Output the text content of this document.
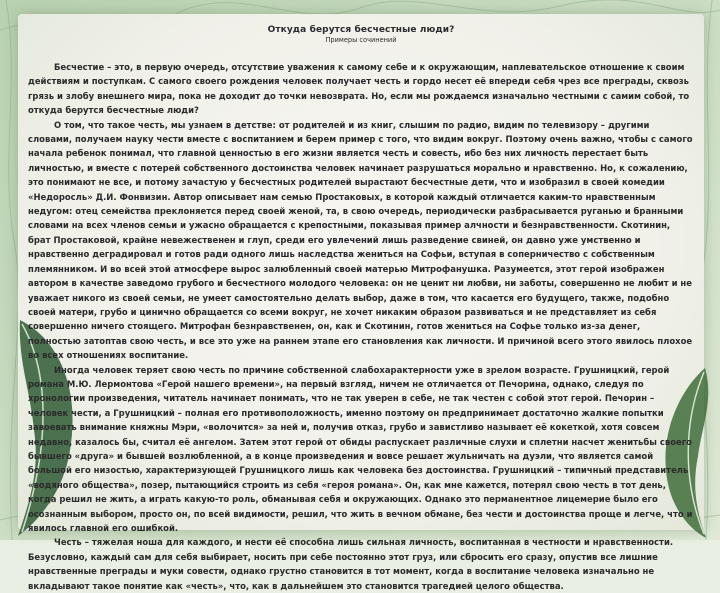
Откуда берутся бесчестные люди?
Примеры сочинений

Бесчестие – это, в первую очередь, отсутствие уважения к самому себе и к окружающим, наплевательское отношение к своим действиям и поступкам. С самого своего рождения человек получает честь и гордо несет её впереди себя чрез все преграды, сквозь грязь и злобу внешнего мира, пока не доходит до точки невозврата. Но, если мы рождаемся изначально честными с самим собой, то откуда берутся бесчестные люди?

О том, что такое честь, мы узнаем в детстве: от родителей и из книг, слышим по радио, видим по телевизору – другими словами, получаем науку чести вместе с воспитанием и берем пример с того, что видим вокруг. Поэтому очень важно, чтобы с самого начала ребенок понимал, что главной ценностью в его жизни является честь и совесть, ибо без них личность перестает быть личностью, и вместе с потерей собственного достоинства человек начинает разрушаться морально и нравственно. Но, к сожалению, это понимают не все, и потому зачастую у бесчестных родителей вырастают бесчестные дети, что и изобразил в своей комедии «Недоросль» Д.И. Фонвизин. Автор описывает нам семью Простаковых, в которой каждый отличается каким-то нравственным недугом: отец семейства преклоняется перед своей женой, та, в свою очередь, периодически разбрасывается руганью и бранными словами на всех членов семьи и ужасно обращается с крепостными, показывая пример алчности и безнравственности. Скотинин, брат Простаковой, крайне невежественен и глуп, среди его увлечений лишь разведение свиней, он давно уже умственно и нравственно деградировал и готов ради одного лишь наследства жениться на Софьи, вступая в соперничество с собственным племянником. И во всей этой атмосфере вырос залюбленный своей матерью Митрофанушка. Разумеется, этот герой изображен автором в качестве заведомо грубого и бесчестного молодого человека: он не ценит ни любви, ни заботы, совершенно не любит и не уважает никого из своей семьи, не умеет самостоятельно делать выбор, даже в том, что касается его будущего, также, подобно своей матери, грубо и цинично обращается со всеми вокруг, не хочет никаким образом развиваться и не представляет из себя совершенно ничего стоящего. Митрофан безнравственен, он, как и Скотинин, готов жениться на Софье только из-за денег, полностью затоптав свою честь, и все это уже на раннем этапе его становления как личности. И причиной всего этого явилось плохое во всех отношениях воспитание.

Иногда человек теряет свою честь по причине собственной слабохарактерности уже в зрелом возрасте. Грушницкий, герой романа М.Ю. Лермонтова «Герой нашего времени», на первый взгляд, ничем не отличается от Печорина, однако, следуя по хронологии произведения, читатель начинает понимать, что не так уверен в себе, не так честен с собой этот герой. Печорин – человек чести, а Грушницкий – полная его противоположность, именно поэтому он предпринимает достаточно жалкие попытки завоевать внимание княжны Мэри, «волочится» за ней и, получив отказ, грубо и завистливо называет её кокеткой, хотя совсем недавно, казалось бы, считал её ангелом. Затем этот герой от обиды распускает различные слухи и сплетни насчет женитьбы своего бывшего «друга» и бывшей возлюбленной, а в конце произведения и вовсе решает жульничать на дуэли, что является самой большой его низостью, характеризующей Грушницкого лишь как человека без достоинства. Грушницкий – типичный представитель «водяного общества», позер, пытающийся строить из себя «героя романа». Он, как мне кажется, потерял свою честь в тот день, когда решил не жить, а играть какую-то роль, обманывая себя и окружающих. Однако это перманентное лицемерие было его осознанным выбором, просто он, по всей видимости, решил, что жить в вечном обмане, без чести и достоинства проще и легче, что и явилось главной его ошибкой.

Честь – тяжелая ноша для каждого, и нести её способна лишь сильная личность, воспитанная в честности и нравственности. Безусловно, каждый сам для себя выбирает, носить при себе постоянно этот груз, или сбросить его сразу, опустив все лишние нравственные преграды и муки совести, однако грустно становится в тот момент, когда в воспитание человека изначально не вкладывают такое понятие как «честь», что, как в дальнейшем это становится трагедией целого общества.
